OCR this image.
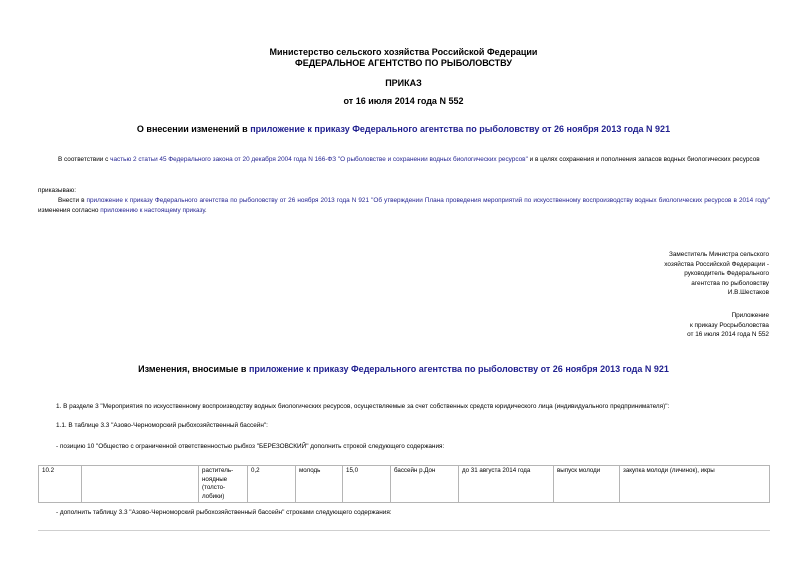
Министерство сельского хозяйства Российской Федерации
ФЕДЕРАЛЬНОЕ АГЕНТСТВО ПО РЫБОЛОВСТВУ
ПРИКАЗ
от 16 июля 2014 года N 552
О внесении изменений в приложение к приказу Федерального агентства по рыболовству от 26 ноября 2013 года N 921
В соответствии с частью 2 статьи 45 Федерального закона от 20 декабря 2004 года N 166-ФЗ "О рыболовстве и сохранении водных биологических ресурсов" и в целях сохранения и пополнения запасов водных биологических ресурсов
приказываю:
Внести в приложение к приказу Федерального агентства по рыболовству от 26 ноября 2013 года N 921 "Об утверждении Плана проведения мероприятий по искусственному воспроизводству водных биологических ресурсов в 2014 году" изменения согласно приложению к настоящему приказу.
Заместитель Министра сельского
хозяйства Российской Федерации -
руководитель Федерального
агентства по рыболовству
И.В.Шестаков
Приложение
к приказу Росрыболовства
от 16 июля 2014 года N 552
Изменения, вносимые в приложение к приказу Федерального агентства по рыболовству от 26 ноября 2013 года N 921
1. В разделе 3 "Мероприятия по искусственному воспроизводству водных биологических ресурсов, осуществляемые за счет собственных средств юридического лица (индивидуального предпринимателя)":
1.1. В таблице 3.3 "Азово-Черноморский рыбохозяйственный бассейн":
- позицию 10 "Общество с ограниченной ответственностью рыбхоз "БЕРЕЗОВСКИЙ" дополнить строкой следующего содержания:
10.2		раститель-
ноядные (толсто-
лобики)	0,2	молодь	15,0	бассейн р.Дон	до 31 августа 2014 года	выпуск молоди	закупка молоди (личинок), икры
- дополнить таблицу 3.3 "Азово-Черноморский рыбохозяйственный бассейн" строками следующего содержания:
